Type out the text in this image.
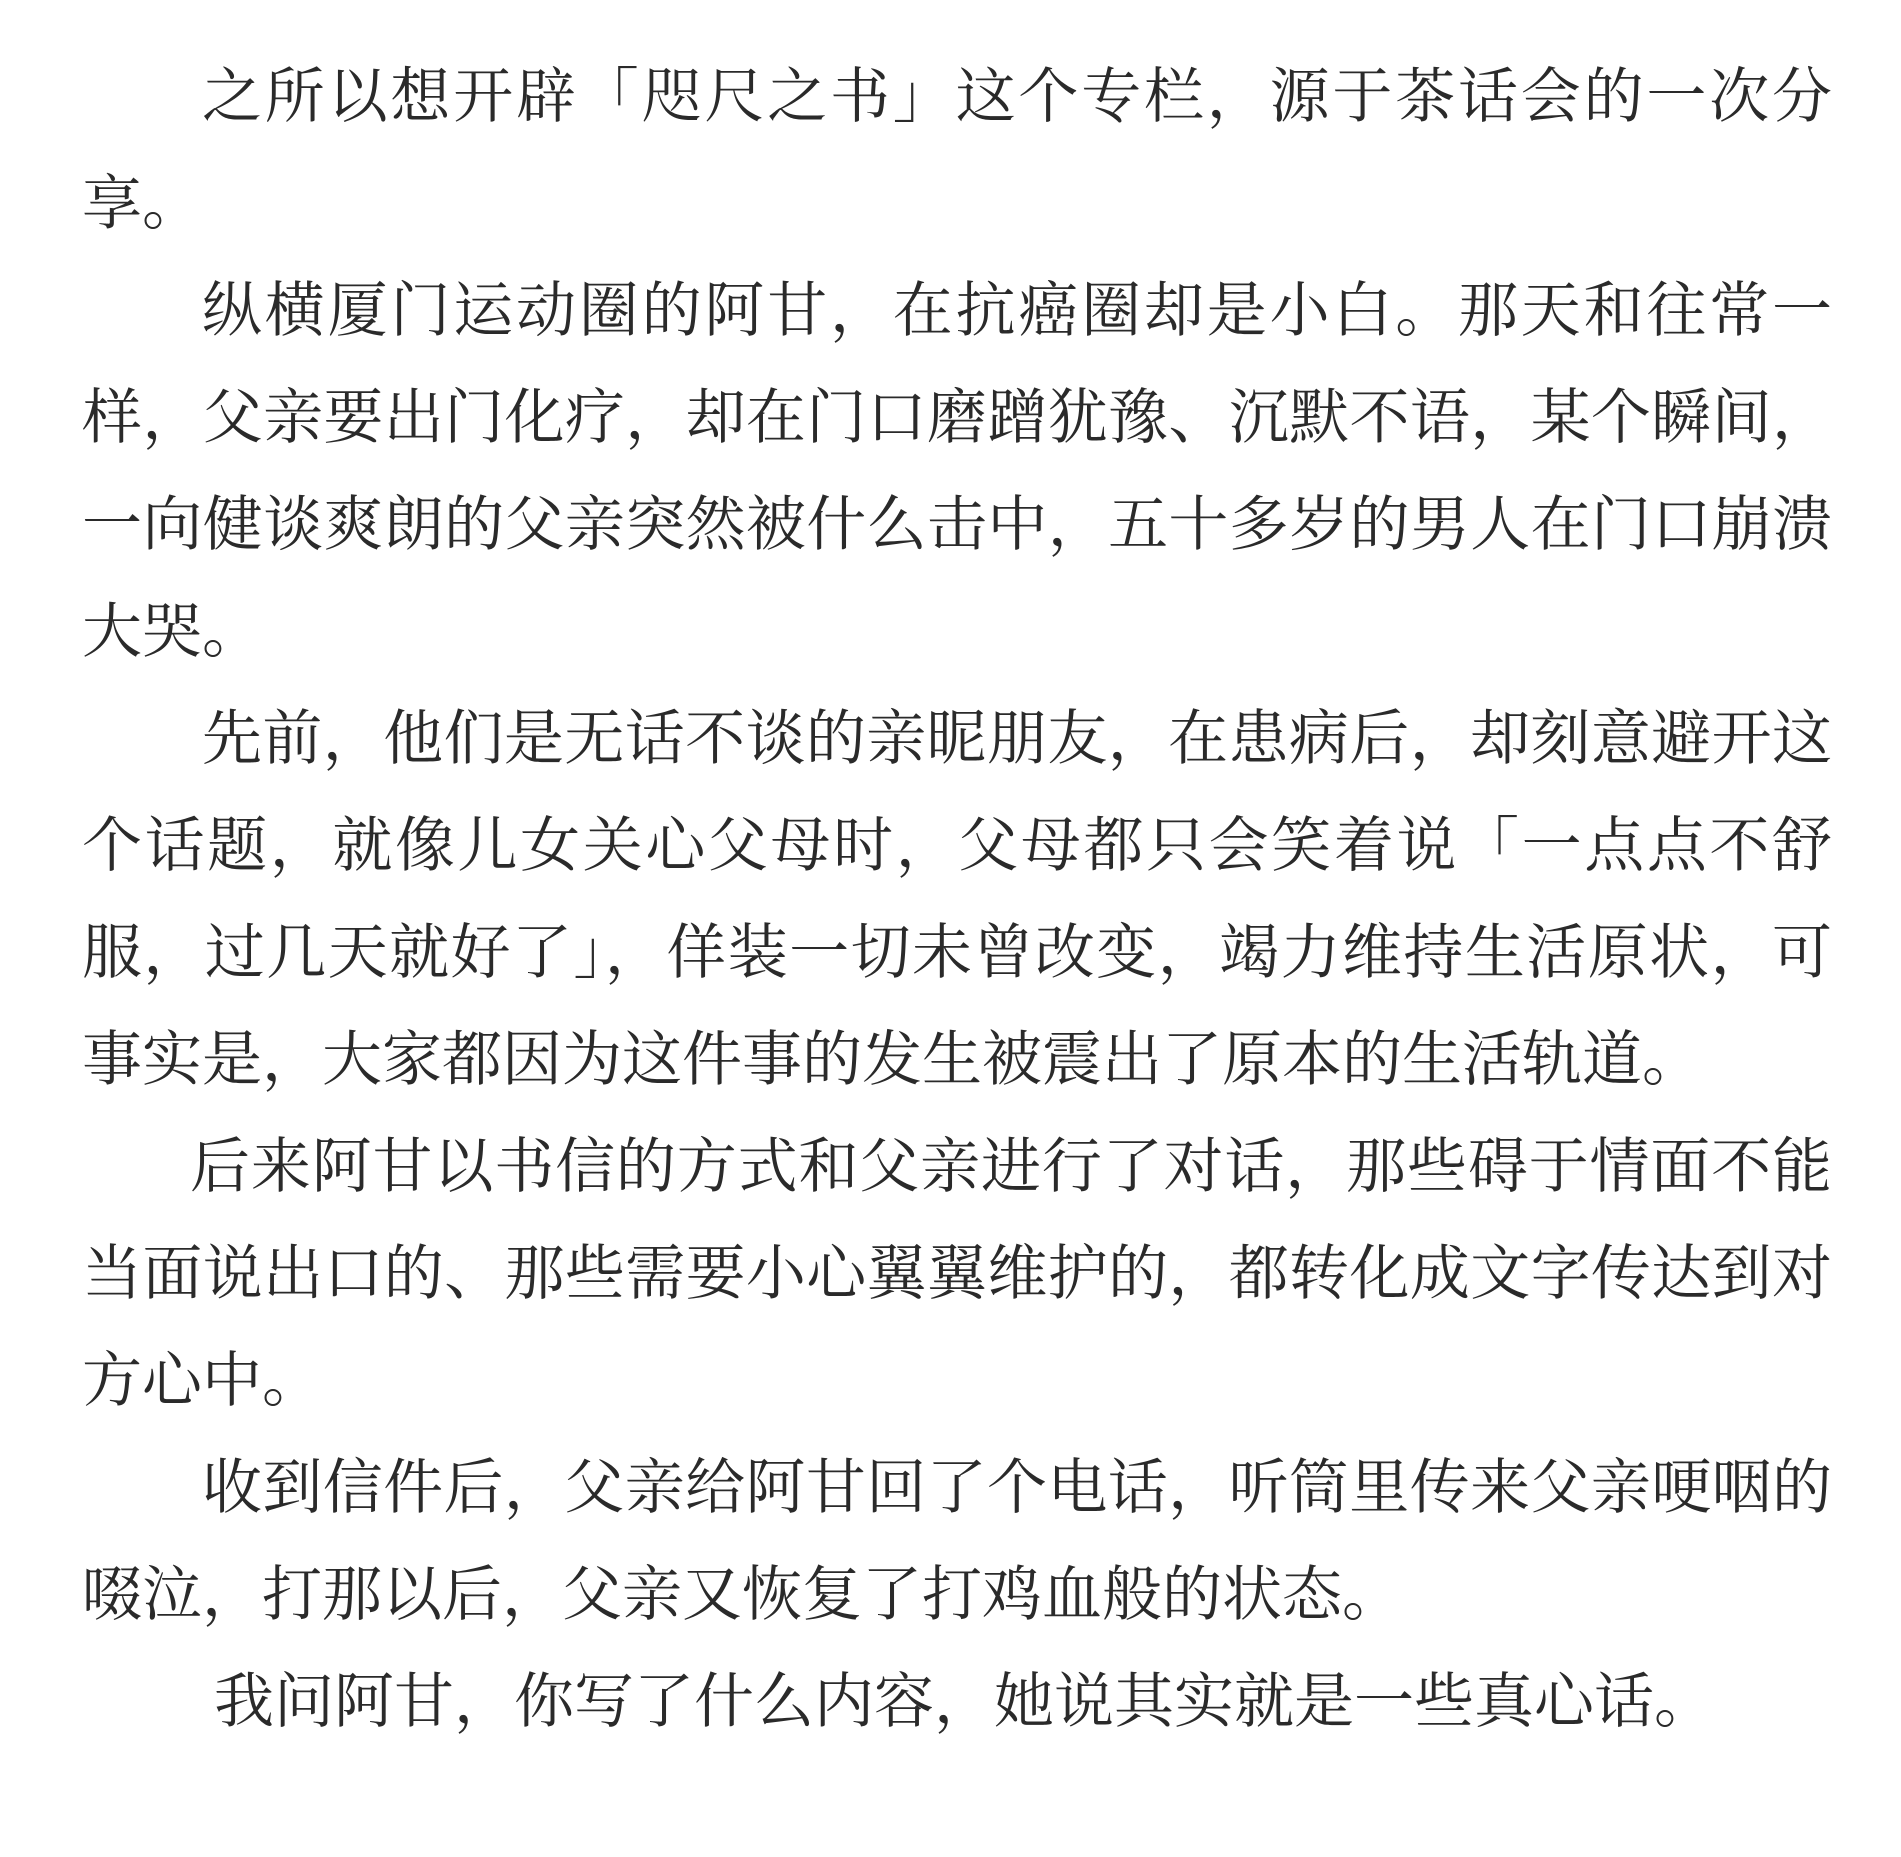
之所以想开辟「咫尺之书」这个专栏，源于茶话会的一次分享。

纵横厦门运动圈的阿甘，在抗癌圈却是小白。那天和往常一样，父亲要出门化疗，却在门口磨蹭犹豫、沉默不语，某个瞬间，一向健谈爽朗的父亲突然被什么击中，五十多岁的男人在门口崩溃大哭。

先前，他们是无话不谈的亲昵朋友，在患病后，却刻意避开这个话题，就像儿女关心父母时，父母都只会笑着说「一点点不舒服，过几天就好了」，佯装一切未曾改变，竭力维持生活原状，可事实是，大家都因为这件事的发生被震出了原本的生活轨道。

后来阿甘以书信的方式和父亲进行了对话，那些碍于情面不能当面说出口的、那些需要小心翼翼维护的，都转化成文字传达到对方心中。

收到信件后，父亲给阿甘回了个电话，听筒里传来父亲哽咽的啜泣，打那以后，父亲又恢复了打鸡血般的状态。

我问阿甘，你写了什么内容，她说其实就是一些真心话。
